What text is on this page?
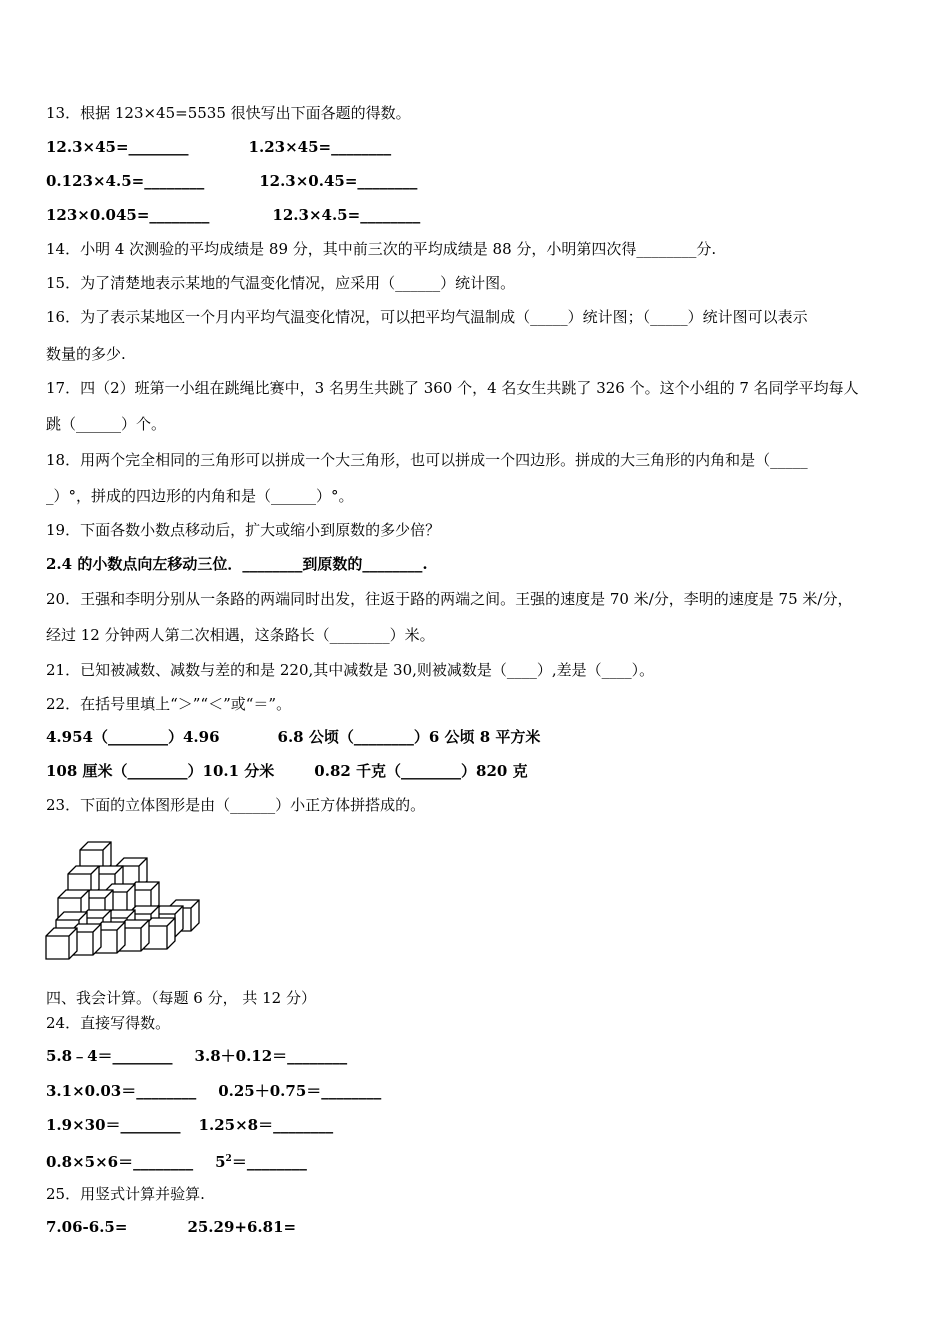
13．根据 123×45=5535 很快写出下面各题的得数。
12.3×45=________	1.23×45=________
0.123×4.5=________	12.3×0.45=________
123×0.045=________	12.3×4.5=________
14．小明 4 次测验的平均成绩是 89 分，其中前三次的平均成绩是 88 分，小明第四次得________分.
15．为了清楚地表示某地的气温变化情况，应采用（______）统计图。
16．为了表示某地区一个月内平均气温变化情况，可以把平均气温制成（_____）统计图；（_____）统计图可以表示
数量的多少.
17．四（2）班第一小组在跳绳比赛中，3 名男生共跳了 360 个，4 名女生共跳了 326 个。这个小组的 7 名同学平均每人
跳（______）个。
18．用两个完全相同的三角形可以拼成一个大三角形，也可以拼成一个四边形。拼成的大三角形的内角和是（_____
_）°，拼成的四边形的内角和是（______）°。
19．下面各数小数点移动后，扩大或缩小到原数的多少倍？
2.4 的小数点向左移动三位．________到原数的________.
20．王强和李明分别从一条路的两端同时出发，往返于路的两端之间。王强的速度是 70 米/分，李明的速度是 75 米/分，
经过 12 分钟两人第二次相遇，这条路长（________）米。
21．已知被减数、减数与差的和是 220,其中减数是 30,则被减数是（____）,差是（____）。
22．在括号里填上“＞”“＜”或“＝”。
4.954（________）4.96	6.8 公顷（________）6 公顷 8 平方米
108 厘米（________）10.1 分米	0.82 千克（________）820 克
23．下面的立体图形是由（______）小正方体拼搭成的。
四、我会计算。（每题 6 分， 共 12 分）
24．直接写得数。
5.8﹣4＝________ 3.8＋0.12＝________
3.1×0.03＝________ 0.25＋0.75＝________
1.9×30＝________ 1.25×8＝________
0.8×5×6＝________ $5^2=\_\_\_\_\_\_\_\_$
25．用竖式计算并验算.
7.06-6.5=	25.29+6.81=
